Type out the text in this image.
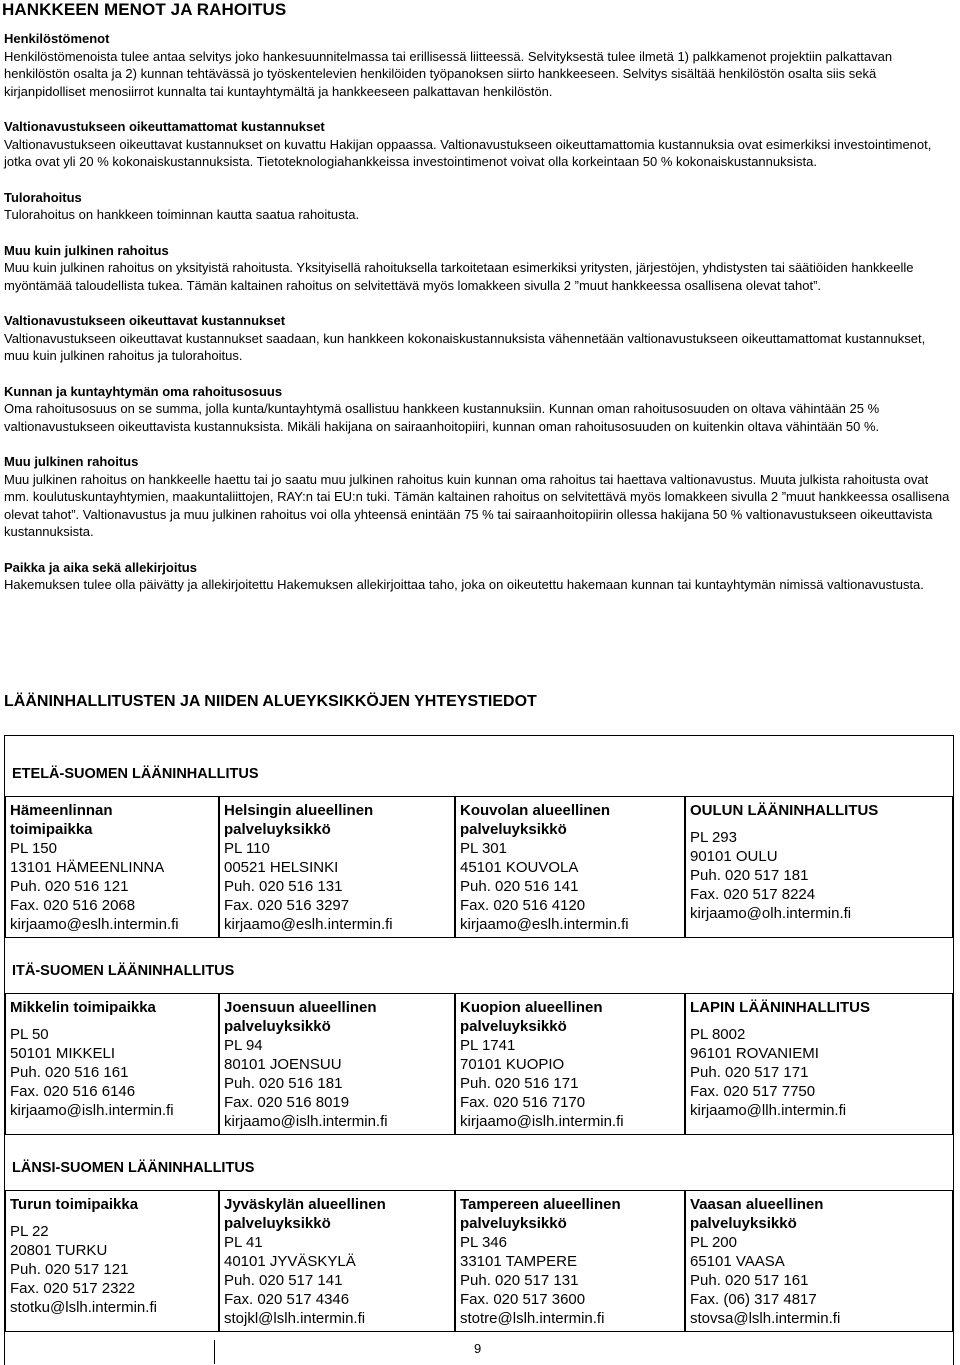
HANKKEEN MENOT JA RAHOITUS
Henkilöstömenot

Henkilöstömenoista tulee antaa selvitys joko hankesuunnitelmassa tai erillisessä liitteessä. Selvityksestä tulee ilmetä 1) palkkamenot projektiin palkattavan henkilöstön osalta ja 2) kunnan tehtävässä jo työskentelevien henkilöiden työpanoksen siirto hankkeeseen. Selvitys sisältää henkilöstön osalta siis sekä kirjanpidolliset menosiirrot kunnalta tai kuntayhtymältä ja hankkeeseen palkattavan henkilöstön.

Valtionavustukseen oikeuttamattomat kustannukset

Valtionavustukseen oikeuttavat kustannukset on kuvattu Hakijan oppaassa. Valtionavustukseen oikeuttamattomia kustannuksia ovat esimerkiksi investointimenot, jotka ovat yli 20 % kokonaiskustannuksista. Tietoteknologiahankkeissa investointimenot voivat olla korkeintaan 50 % kokonaiskustannuksista.

Tulorahoitus

Tulorahoitus on hankkeen toiminnan kautta saatua rahoitusta.

Muu kuin julkinen rahoitus

Muu kuin julkinen rahoitus on yksityistä rahoitusta. Yksityisellä rahoituksella tarkoitetaan esimerkiksi yritysten, järjestöjen, yhdistysten tai säätiöiden hankkeelle myöntämää taloudellista tukea. Tämän kaltainen rahoitus on selvitettävä myös lomakkeen sivulla 2 ”muut hankkeessa osallisena olevat tahot”.

Valtionavustukseen oikeuttavat kustannukset

Valtionavustukseen oikeuttavat kustannukset saadaan, kun hankkeen kokonaiskustannuksista vähennetään valtionavustukseen oikeuttamattomat kustannukset, muu kuin julkinen rahoitus ja tulorahoitus.

Kunnan ja kuntayhtymän oma rahoitusosuus

Oma rahoitusosuus on se summa, jolla kunta/kuntayhtymä osallistuu hankkeen kustannuksiin. Kunnan oman rahoitusosuuden on oltava vähintään 25 % valtionavustukseen oikeuttavista kustannuksista. Mikäli hakijana on sairaanhoitopiiri, kunnan oman rahoitusosuuden on kuitenkin oltava vähintään 50 %.

Muu julkinen rahoitus

Muu julkinen rahoitus on hankkeelle haettu tai jo saatu muu julkinen rahoitus kuin kunnan oma rahoitus tai haettava valtionavustus. Muuta julkista rahoitusta ovat mm. koulutuskuntayhtymien, maakuntaliittojen, RAY:n tai EU:n tuki. Tämän kaltainen rahoitus on selvitettävä myös lomakkeen sivulla 2 ”muut hankkeessa osallisena olevat tahot”. Valtionavustus ja muu julkinen rahoitus voi olla yhteensä enintään 75 % tai sairaanhoitopiirin ollessa hakijana 50 % valtionavustukseen oikeuttavista kustannuksista.

Paikka ja aika sekä allekirjoitus

Hakemuksen tulee olla päivätty ja allekirjoitettu Hakemuksen allekirjoittaa taho, joka on oikeutettu hakemaan kunnan tai kuntayhtymän nimissä valtionavustusta.

LÄÄNINHALLITUSTEN JA NIIDEN ALUEYKSIKKÖJEN YHTEYSTIEDOT
ETELÄ-SUOMEN LÄÄNINHALLITUS
Hämeenlinnan
toimipaikka
PL 150
13101 HÄMEENLINNA
Puh. 020 516 121
Fax. 020 516 2068
kirjaamo@eslh.intermin.fi
Helsingin alueellinen
palveluyksikkö
PL 110
00521 HELSINKI
Puh. 020 516 131
Fax. 020 516 3297
kirjaamo@eslh.intermin.fi
Kouvolan alueellinen
palveluyksikkö
PL 301
45101 KOUVOLA
Puh. 020 516 141
Fax. 020 516 4120
kirjaamo@eslh.intermin.fi
OULUN LÄÄNINHALLITUS
PL 293
90101 OULU
Puh. 020 517 181
Fax. 020 517 8224
kirjaamo@olh.intermin.fi
ITÄ-SUOMEN LÄÄNINHALLITUS
Mikkelin toimipaikka
PL 50
50101 MIKKELI
Puh. 020 516 161
Fax. 020 516 6146
kirjaamo@islh.intermin.fi
Joensuun alueellinen
palveluyksikkö
PL 94
80101 JOENSUU
Puh. 020 516 181
Fax. 020 516 8019
kirjaamo@islh.intermin.fi
Kuopion alueellinen
palveluyksikkö
PL 1741
70101 KUOPIO
Puh. 020 516 171
Fax. 020 516 7170
kirjaamo@islh.intermin.fi
LAPIN LÄÄNINHALLITUS
PL 8002
96101 ROVANIEMI
Puh. 020 517 171
Fax. 020 517 7750
kirjaamo@llh.intermin.fi
LÄNSI-SUOMEN LÄÄNINHALLITUS
Turun toimipaikka
PL 22
20801 TURKU
Puh. 020 517 121
Fax. 020 517 2322
stotku@lslh.intermin.fi
Jyväskylän alueellinen
palveluyksikkö
PL 41
40101 JYVÄSKYLÄ
Puh. 020 517 141
Fax. 020 517 4346
stojkl@lslh.intermin.fi
Tampereen alueellinen
palveluyksikkö
PL 346
33101 TAMPERE
Puh. 020 517 131
Fax. 020 517 3600
stotre@lslh.intermin.fi
Vaasan alueellinen
palveluyksikkö
PL 200
65101 VAASA
Puh. 020 517 161
Fax. (06) 317 4817
stovsa@lslh.intermin.fi
9
